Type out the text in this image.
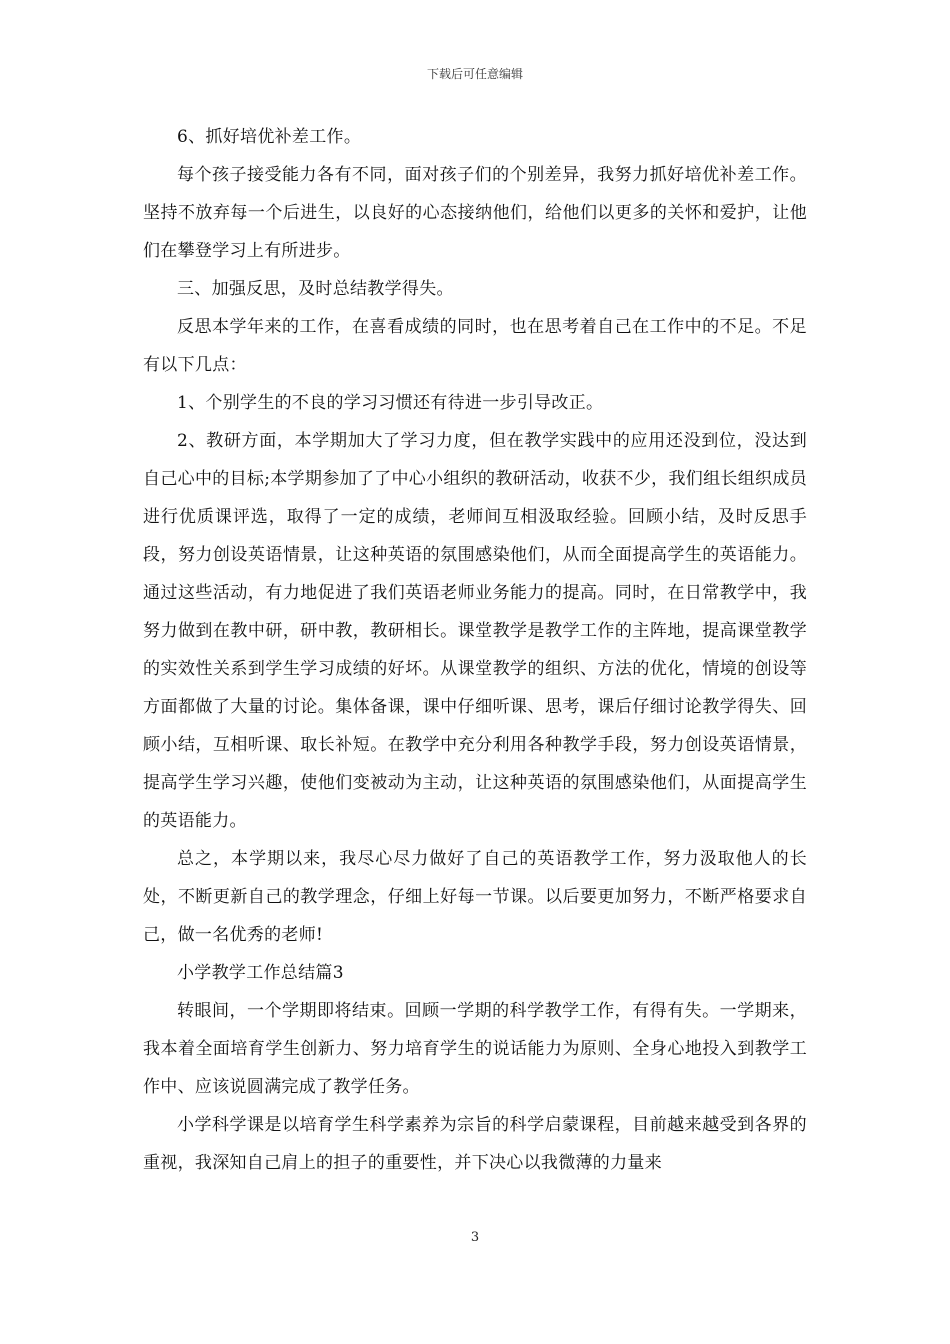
下载后可任意编辑

6、抓好培优补差工作。

每个孩子接受能力各有不同，面对孩子们的个别差异，我努力抓好培优补差工作。坚持不放弃每一个后进生，以良好的心态接纳他们，给他们以更多的关怀和爱护，让他们在攀登学习上有所进步。

三、加强反思，及时总结教学得失。

反思本学年来的工作，在喜看成绩的同时，也在思考着自己在工作中的不足。不足有以下几点：

1、个别学生的不良的学习习惯还有待进一步引导改正。

2、教研方面，本学期加大了学习力度，但在教学实践中的应用还没到位，没达到自己心中的目标;本学期参加了了中心小组织的教研活动，收获不少，我们组长组织成员进行优质课评选，取得了一定的成绩，老师间互相汲取经验。回顾小结，及时反思手段，努力创设英语情景，让这种英语的氛围感染他们，从而全面提高学生的英语能力。通过这些活动，有力地促进了我们英语老师业务能力的提高。同时，在日常教学中，我努力做到在教中研，研中教，教研相长。课堂教学是教学工作的主阵地，提高课堂教学的实效性关系到学生学习成绩的好坏。从课堂教学的组织、方法的优化，情境的创设等方面都做了大量的讨论。集体备课，课中仔细听课、思考，课后仔细讨论教学得失、回顾小结，互相听课、取长补短。在教学中充分利用各种教学手段，努力创设英语情景，提高学生学习兴趣，使他们变被动为主动，让这种英语的氛围感染他们，从面提高学生的英语能力。

总之，本学期以来，我尽心尽力做好了自己的英语教学工作，努力汲取他人的长处，不断更新自己的教学理念，仔细上好每一节课。以后要更加努力，不断严格要求自己，做一名优秀的老师!

小学教学工作总结篇3

转眼间，一个学期即将结束。回顾一学期的科学教学工作，有得有失。一学期来，我本着全面培育学生创新力、努力培育学生的说话能力为原则、全身心地投入到教学工作中、应该说圆满完成了教学任务。

小学科学课是以培育学生科学素养为宗旨的科学启蒙课程，目前越来越受到各界的重视，我深知自己肩上的担子的重要性，并下决心以我微薄的力量来

3
